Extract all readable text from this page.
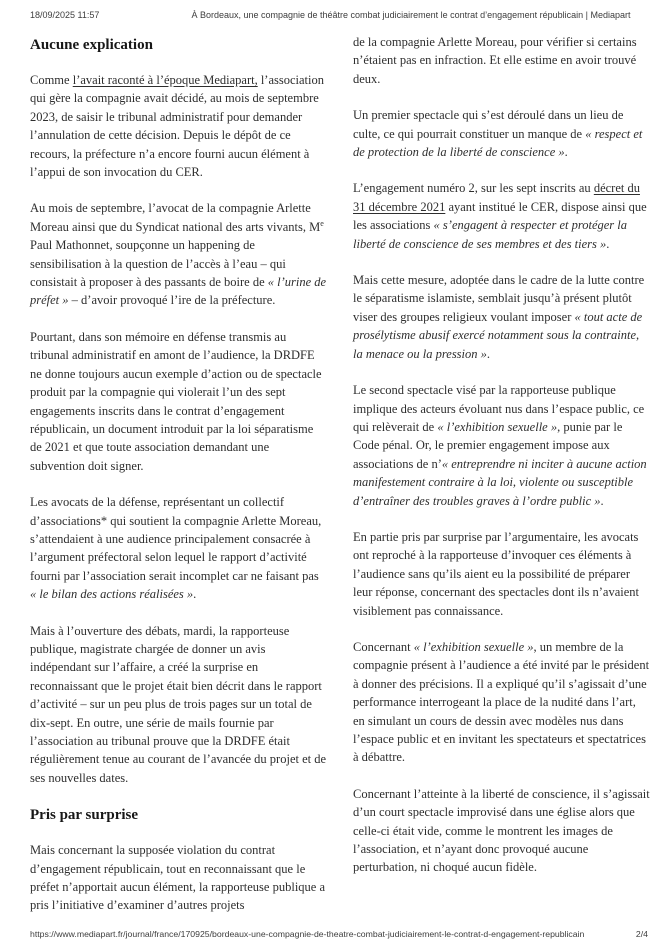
18/09/2025 11:57	À Bordeaux, une compagnie de théâtre combat judiciairement le contrat d’engagement républicain | Mediapart
Aucune explication

Comme l’avait raconté à l’époque Mediapart, l’association qui gère la compagnie avait décidé, au mois de septembre 2023, de saisir le tribunal administratif pour demander l’annulation de cette décision. Depuis le dépôt de ce recours, la préfecture n’a encore fourni aucun élément à l’appui de son invocation du CER.

Au mois de septembre, l’avocat de la compagnie Arlette Moreau ainsi que du Syndicat national des arts vivants, Me Paul Mathonnet, soupçonne un happening de sensibilisation à la question de l’accès à l’eau – qui consistait à proposer à des passants de boire de « l’urine de préfet » – d’avoir provoqué l’ire de la préfecture.

Pourtant, dans son mémoire en défense transmis au tribunal administratif en amont de l’audience, la DRDFE ne donne toujours aucun exemple d’action ou de spectacle produit par la compagnie qui violerait l’un des sept engagements inscrits dans le contrat d’engagement républicain, un document introduit par la loi séparatisme de 2021 et que toute association demandant une subvention doit signer.

Les avocats de la défense, représentant un collectif d’associations* qui soutient la compagnie Arlette Moreau, s’attendaient à une audience principalement consacrée à l’argument préfectoral selon lequel le rapport d’activité fourni par l’association serait incomplet car ne faisant pas « le bilan des actions réalisées ».

Mais à l’ouverture des débats, mardi, la rapporteuse publique, magistrate chargée de donner un avis indépendant sur l’affaire, a créé la surprise en reconnaissant que le projet était bien décrit dans le rapport d’activité – sur un peu plus de trois pages sur un total de dix-sept. En outre, une série de mails fournie par l’association au tribunal prouve que la DRDFE était régulièrement tenue au courant de l’avancée du projet et de ses nouvelles dates.

Pris par surprise

Mais concernant la supposée violation du contrat d’engagement républicain, tout en reconnaissant que le préfet n’apportait aucun élément, la rapporteuse publique a pris l’initiative d’examiner d’autres projets

de la compagnie Arlette Moreau, pour vérifier si certains n’étaient pas en infraction. Et elle estime en avoir trouvé deux.

Un premier spectacle qui s’est déroulé dans un lieu de culte, ce qui pourrait constituer un manque de « respect et de protection de la liberté de conscience ».

L’engagement numéro 2, sur les sept inscrits au décret du 31 décembre 2021 ayant institué le CER, dispose ainsi que les associations « s’engagent à respecter et protéger la liberté de conscience de ses membres et des tiers ».

Mais cette mesure, adoptée dans le cadre de la lutte contre le séparatisme islamiste, semblait jusqu’à présent plutôt viser des groupes religieux voulant imposer « tout acte de prosélytisme abusif exercé notamment sous la contrainte, la menace ou la pression ».

Le second spectacle visé par la rapporteuse publique implique des acteurs évoluant nus dans l’espace public, ce qui relèverait de « l’exhibition sexuelle », punie par le Code pénal. Or, le premier engagement impose aux associations de n’« entreprendre ni inciter à aucune action manifestement contraire à la loi, violente ou susceptible d’entraîner des troubles graves à l’ordre public ».

En partie pris par surprise par l’argumentaire, les avocats ont reproché à la rapporteuse d’invoquer ces éléments à l’audience sans qu’ils aient eu la possibilité de préparer leur réponse, concernant des spectacles dont ils n’avaient visiblement pas connaissance.

Concernant « l’exhibition sexuelle », un membre de la compagnie présent à l’audience a été invité par le président à donner des précisions. Il a expliqué qu’il s’agissait d’une performance interrogeant la place de la nudité dans l’art, en simulant un cours de dessin avec modèles nus dans l’espace public et en invitant les spectateurs et spectatrices à débattre.

Concernant l’atteinte à la liberté de conscience, il s’agissait d’un court spectacle improvisé dans une église alors que celle-ci était vide, comme le montrent les images de l’association, et n’ayant donc provoqué aucune perturbation, ni choqué aucun fidèle.

https://www.mediapart.fr/journal/france/170925/bordeaux-une-compagnie-de-theatre-combat-judiciairement-le-contrat-d-engagement-republicain	2/4
